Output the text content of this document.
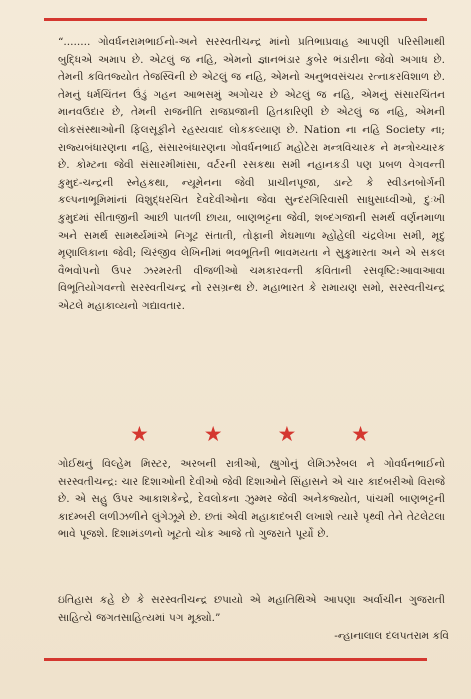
“........ ગોવર્ધનરામભાઈનો-અને સરસ્વતીચન્દ્ર માંનો પ્રતિભાપ્રવાહ આપણી પરિસીમાથી બુદ્ધિએ અમાપ છે. એટલું જ નહિ, એમનો જ્ઞાનભંડાર કુબેર ભંડારીના જેવો અગાધ છે. તેમની કવિતજ્યોત તેજસ્વિની છે એટલું જ નહિ, એમનો અનુભવસંચય રત્નાકરવિશાળ છે. તેમનું ધર્મચિંતન ઉંડું ગહન આભસમું અગોચર છે એટલું જ નહિ, એમનું સંસારચિંતન માનવઉદાર છે, તેમની રાજનીતિ રાજપ્રજાની હિતકારિણી છે એટલું જ નહિ, એમની લોકસંસ્થાઓની ફિલસૂફીને રહસ્યવાદ લોકકલ્યાણ છે. Nation ના નહિ Society ના; રાજ્યબંધારણના નહિ, સંસારબંધારણના ગોવર્ધનભાઈ મહોટેરા મન્ત્રવિચારક ને મન્ત્રોચ્ચારક છે. કોમ્ટના જેવી સંસારમીમાંસા, વર્ટરની રસકથા સમી નહાનકડી પણ પ્રબળ વેગવન્તી કુમુદ-ચન્દ્રની સ્નેહકથા, ન્યૂમેનના જેવી પ્રાચીનપૂજા, ડાન્ટે કે સ્વીડનબોર્ગની કલ્પનાભૂમિમાંનાં વિશુદ્ધરચિત દેવદેવીઓના જેવા સુન્દરગિરિવાસી સાધુસાધ્વીઓ, દુઃખી કુમુદમાં સીતાજીની આછી પાતળી છાયા, બાણભટ્ટના જેવી, શબ્દગજાની સમર્થ વર્ણનમાળા અને સમર્થ સામર્થ્યમાંએ નિગૂઢ સંતાતી, તોફાની મેઘમાળા મ્હોંહેલી ચંદ્રલેખા સમી, મૃદુ મૃણાલિકાના જેવી; ચિરંજીવ લેખિનીમાં ભવભૂતિની ભાવમયતા ને સુકુમારતા અને એ સકલ વૈભવોપનો ઉપર ઝરમરતી વીજળીઓ ચમકારવન્તી કવિતાની રસવૃષ્ટિ:આવાઆવા વિભૂતિયોગવન્તો સરસ્વતીચન્દ્ર નો રસગ્રન્થ છે. મહાભારત કે રામાયણ સમો, સરસ્વતીચન્દ્ર એટલે મહાકાવ્યનો ગદ્યાવતાર.

★	★	★	★

ગોઈથનું વિલ્હેમ મિસ્ટર, અરબની રાત્રીઓ, હ્યુગોનું લેમિઝરેબલ ને ગોવર્ધનભાઈનો સરસ્વતીચન્દ્ર: ચાર દિશાઓની દેવીઓ જેવી દિશાઓને સિંહાસને એ ચાર કાદંબરીઓ વિરાજે છે. એ સહુ ઉપર આકાશકેન્દ્રે, દેવલોકના ઝુમ્મર જેવી અનેકજ્યોત, પાંચમી બાણભટ્ટની કાદમ્બરી લળીઝળીને લુંગેઝૂમે છે. છતાં એવી મહાકાદંબરી લખાશે ત્યારે પૃથ્વી તેને તેટલેટલા ભાવે પૂજશે. દિશામંડળનો ખૂટતો ચોક આજે તો ગુજરાતે પૂર્યો છે.

ઇતિહાસ કહે છે કે સરસ્વતીચન્દ્ર છપાયો એ મહાતિથિએ આપણા અર્વાચીન ગુજરાતી સાહિત્યે જગતસાહિત્યમાં પગ મૂક્યો.”

-ન્હાનાલાલ દલપતરામ કવિ
